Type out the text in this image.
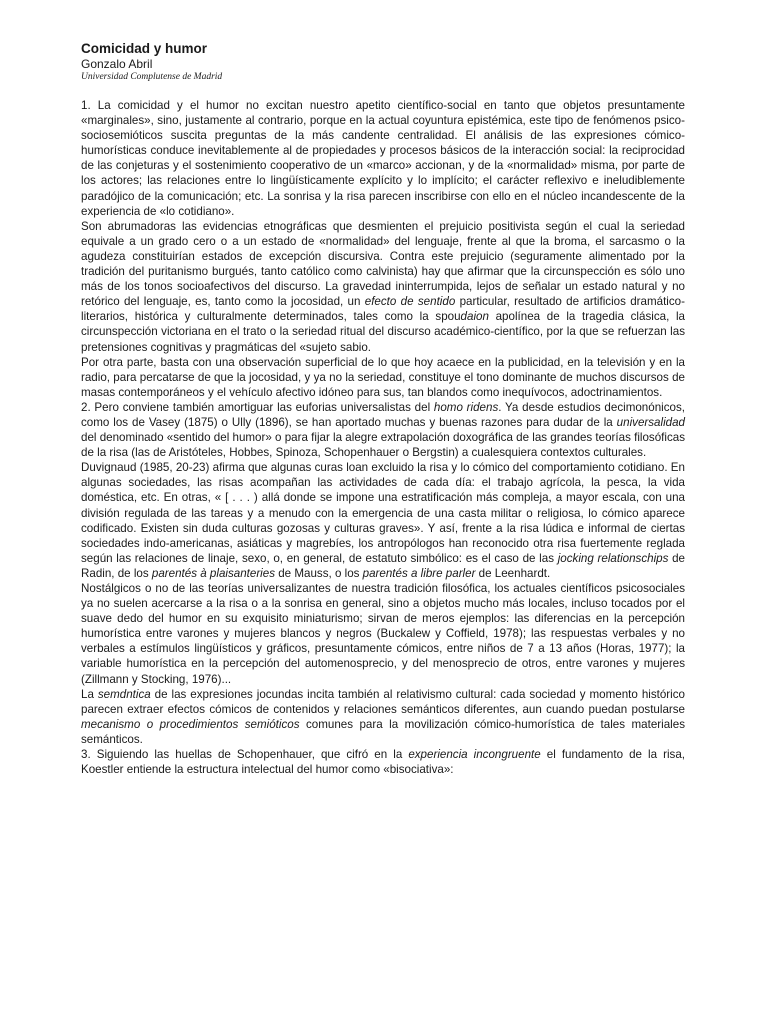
Comicidad y humor

Gonzalo Abril

Universidad Complutense de Madrid

1. La comicidad y el humor no excitan nuestro apetito científico-social en tanto que objetos presuntamente «marginales», sino, justamente al contrario, porque en la actual coyuntura epistémica, este tipo de fenómenos psico-sociosemióticos suscita preguntas de la más candente centralidad. El análisis de las expresiones cómico-humorísticas conduce inevitablemente al de propiedades y procesos básicos de la interacción social: la reciprocidad de las conjeturas y el sostenimiento cooperativo de un «marco» accionan, y de la «normalidad» misma, por parte de los actores; las relaciones entre lo lingüísticamente explícito y lo implícito; el carácter reflexivo e ineludiblemente paradójico de la comunicación; etc. La sonrisa y la risa parecen inscribirse con ello en el núcleo incandescente de la experiencia de «lo cotidiano».

Son abrumadoras las evidencias etnográficas que desmienten el prejuicio positivista según el cual la seriedad equivale a un grado cero o a un estado de «normalidad» del lenguaje, frente al que la broma, el sarcasmo o la agudeza constituirían estados de excepción discursiva. Contra este prejuicio (seguramente alimentado por la tradición del puritanismo burgués, tanto católico como calvinista) hay que afirmar que la circunspección es sólo uno más de los tonos socioafectivos del discurso. La gravedad ininterrumpida, lejos de señalar un estado natural y no retórico del lenguaje, es, tanto como la jocosidad, un efecto de sentido particular, resultado de artificios dramático-literarios, histórica y culturalmente determinados, tales como la spoudaion apolínea de la tragedia clásica, la circunspección victoriana en el trato o la seriedad ritual del discurso académico-científico, por la que se refuerzan las pretensiones cognitivas y pragmáticas del «sujeto sabio.

Por otra parte, basta con una observación superficial de lo que hoy acaece en la publicidad, en la televisión y en la radio, para percatarse de que la jocosidad, y ya no la seriedad, constituye el tono dominante de muchos discursos de masas contemporáneos y el vehículo afectivo idóneo para sus, tan blandos como inequívocos, adoctrinamientos.

2. Pero conviene también amortiguar las euforias universalistas del homo ridens. Ya desde estudios decimonónicos, como los de Vasey (1875) o Ully (1896), se han aportado muchas y buenas razones para dudar de la universalidad del denominado «sentido del humor» o para fijar la alegre extrapolación doxográfica de las grandes teorías filosóficas de la risa (las de Aristóteles, Hobbes, Spinoza, Schopenhauer o Bergstin) a cualesquiera contextos culturales.

Duvignaud (1985, 20-23) afirma que algunas curas loan excluido la risa y lo cómico del comportamiento cotidiano. En algunas sociedades, las risas acompañan las actividades de cada día: el trabajo agrícola, la pesca, la vida doméstica, etc. En otras, « [ . . . ) allá donde se impone una estratificación más compleja, a mayor escala, con una división regulada de las tareas y a menudo con la emergencia de una casta militar o religiosa, lo cómico aparece codificado. Existen sin duda culturas gozosas y culturas graves». Y así, frente a la risa lúdica e informal de ciertas sociedades indo-americanas, asiáticas y magrebíes, los antropólogos han reconocido otra risa fuertemente reglada según las relaciones de linaje, sexo, o, en general, de estatuto simbólico: es el caso de las jocking relationschips de Radin, de los parentés à plaisanteries de Mauss, o los parentés a libre parler de Leenhardt.

Nostálgicos o no de las teorías universalizantes de nuestra tradición filosófica, los actuales científicos psicosociales ya no suelen acercarse a la risa o a la sonrisa en general, sino a objetos mucho más locales, incluso tocados por el suave dedo del humor en su exquisito miniaturismo; sirvan de meros ejemplos: las diferencias en la percepción humorística entre varones y mujeres blancos y negros (Buckalew y Coffield, 1978); las respuestas verbales y no verbales a estímulos lingüísticos y gráficos, presuntamente cómicos, entre niños de 7 a 13 años (Horas, 1977); la variable humorística en la percepción del automenosprecio, y del menosprecio de otros, entre varones y mujeres (Zillmann y Stocking, 1976)...

La semdntica de las expresiones jocundas incita también al relativismo cultural: cada sociedad y momento histórico parecen extraer efectos cómicos de contenidos y relaciones semánticos diferentes, aun cuando puedan postularse mecanismo o procedimientos semióticos comunes para la movilización cómico-humorística de tales materiales semánticos.

3. Siguiendo las huellas de Schopenhauer, que cifró en la experiencia incongruente el fundamento de la risa, Koestler entiende la estructura intelectual del humor como «bisociativa»:
